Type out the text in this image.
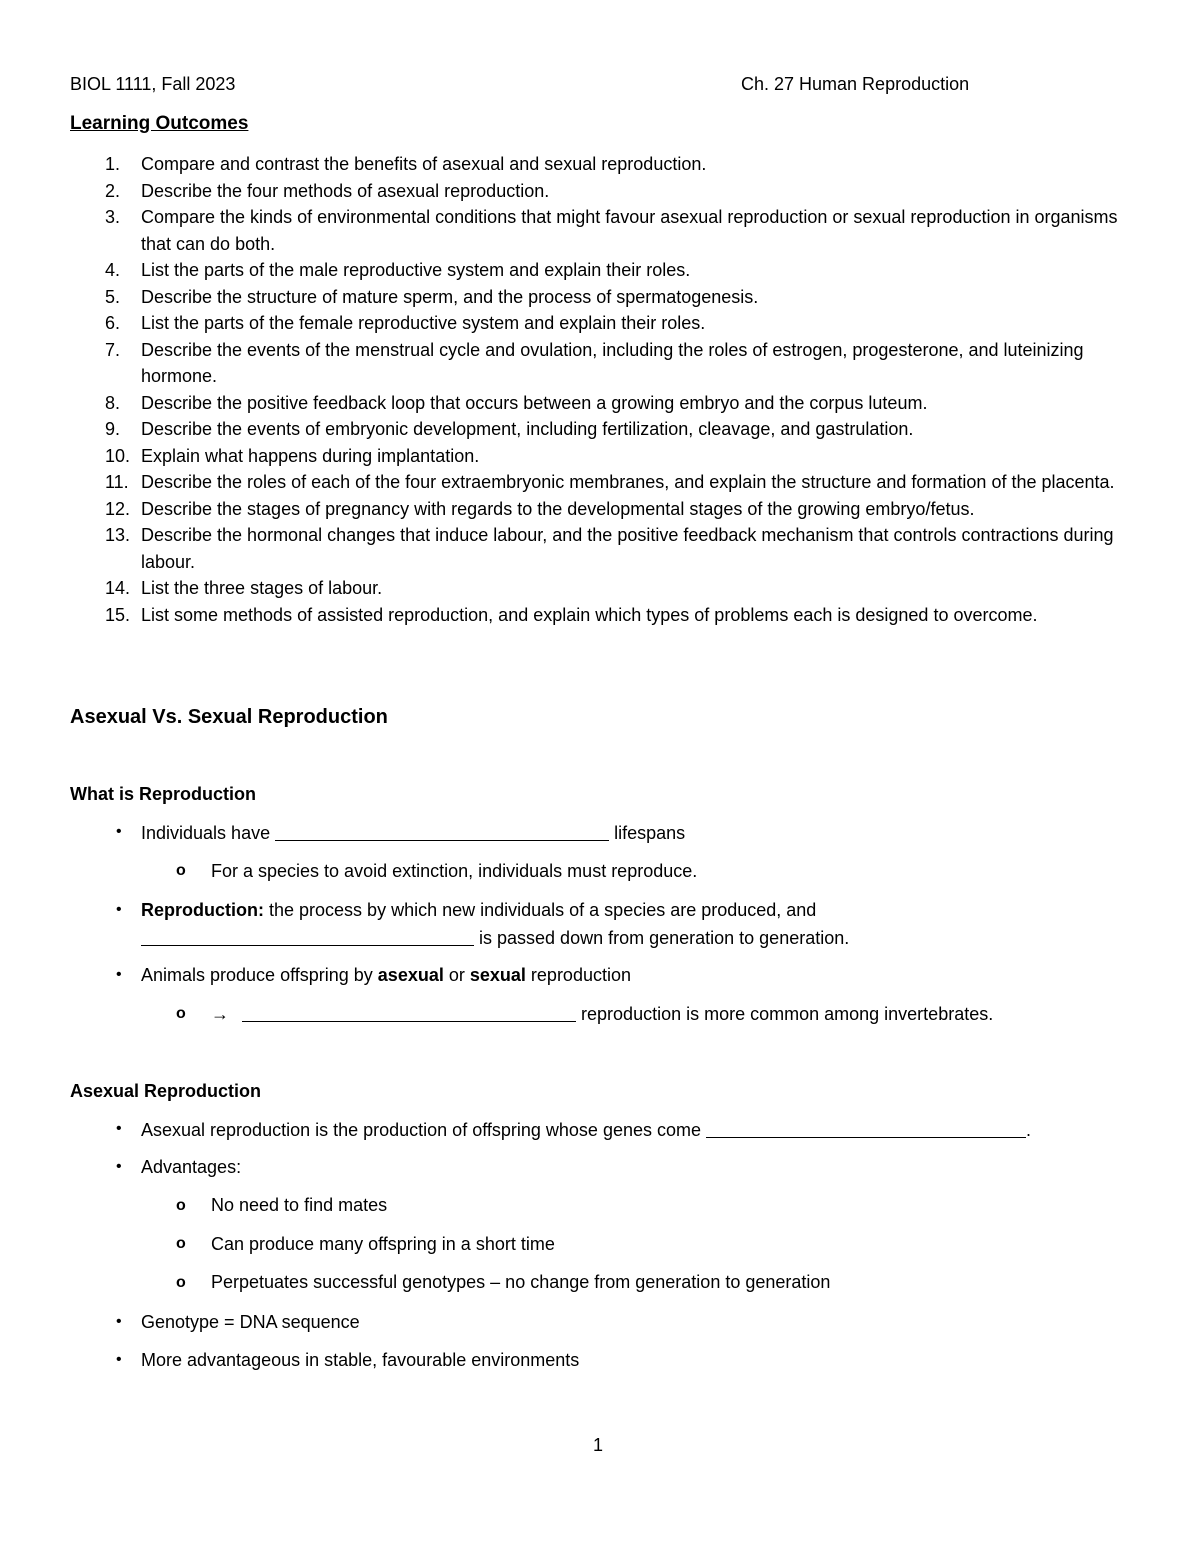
BIOL 1111, Fall 2023	Ch. 27 Human Reproduction
Learning Outcomes
1.	Compare and contrast the benefits of asexual and sexual reproduction.
2.	Describe the four methods of asexual reproduction.
3.	Compare the kinds of environmental conditions that might favour asexual reproduction or sexual reproduction in organisms that can do both.
4.	List the parts of the male reproductive system and explain their roles.
5.	Describe the structure of mature sperm, and the process of spermatogenesis.
6.	List the parts of the female reproductive system and explain their roles.
7.	Describe the events of the menstrual cycle and ovulation, including the roles of estrogen, progesterone, and luteinizing hormone.
8.	Describe the positive feedback loop that occurs between a growing embryo and the corpus luteum.
9.	Describe the events of embryonic development, including fertilization, cleavage, and gastrulation.
10. Explain what happens during implantation.
11. Describe the roles of each of the four extraembryonic membranes, and explain the structure and formation of the placenta.
12. Describe the stages of pregnancy with regards to the developmental stages of the growing embryo/fetus.
13. Describe the hormonal changes that induce labour, and the positive feedback mechanism that controls contractions during labour.
14. List the three stages of labour.
15. List some methods of assisted reproduction, and explain which types of problems each is designed to overcome.
Asexual Vs. Sexual Reproduction
What is Reproduction
• Individuals have	lifespans
o For a species to avoid extinction, individuals must reproduce.
• Reproduction: the process by which new individuals of a species are produced, and
is passed down from generation to generation.
• Animals produce offspring by asexual or sexual reproduction
o →	reproduction is more common among invertebrates.
Asexual Reproduction
• Asexual reproduction is the production of offspring whose genes come	.
• Advantages:
o No need to find mates
o Can produce many offspring in a short time
o Perpetuates successful genotypes – no change from generation to generation
• Genotype = DNA sequence
• More advantageous in stable, favourable environments
1
